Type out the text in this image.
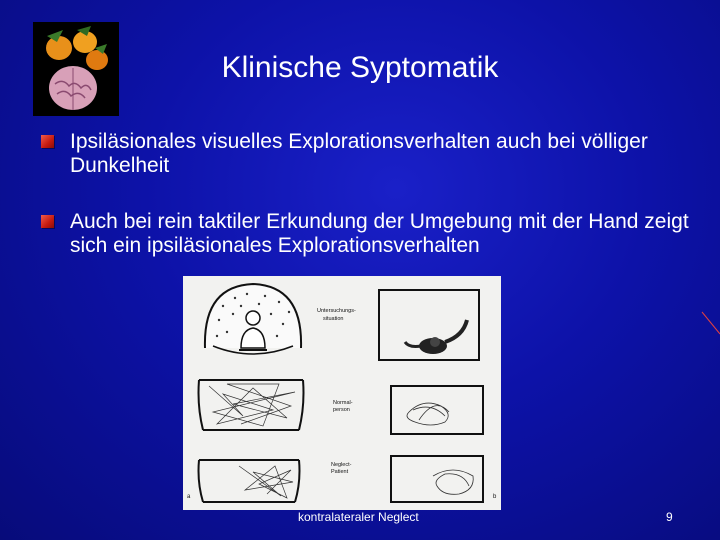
Klinische Syptomatik
Ipsiläsionales visuelles Explorationsverhalten auch bei völliger Dunkelheit
Auch bei rein taktiler Erkundung der Umgebung mit der Hand zeigt sich ein ipsiläsionales Explorationsverhalten
Untersuchungs-
situation
Normal-
person
Neglect-
Patient
a	b
kontralateraler Neglect	9
